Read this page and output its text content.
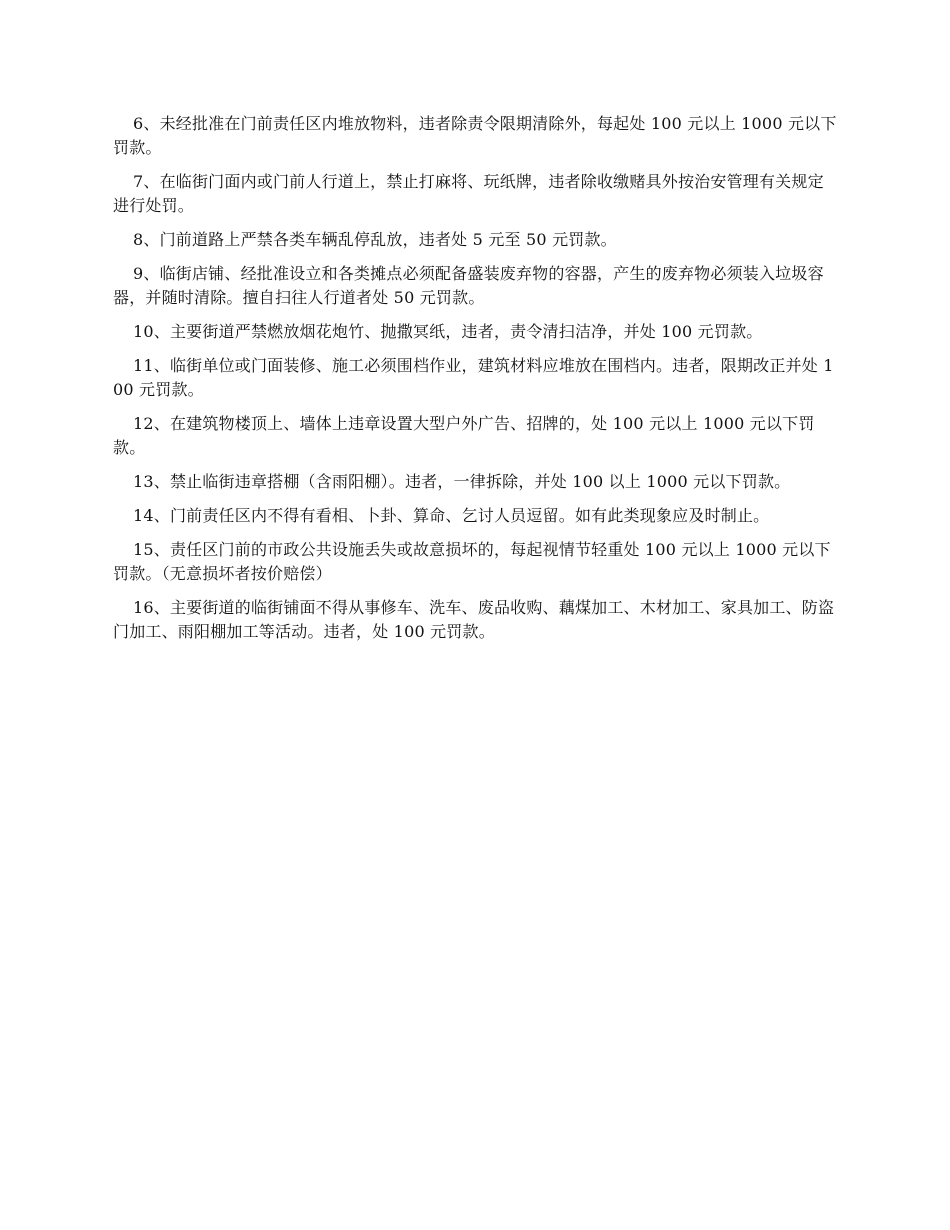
6、未经批准在门前责任区内堆放物料，违者除责令限期清除外，每起处 100 元以上 1000 元以下罚款。

7、在临街门面内或门前人行道上，禁止打麻将、玩纸牌，违者除收缴赌具外按治安管理有关规定进行处罚。

8、门前道路上严禁各类车辆乱停乱放，违者处 5 元至 50 元罚款。

9、临街店铺、经批准设立和各类摊点必须配备盛装废弃物的容器，产生的废弃物必须装入垃圾容器，并随时清除。擅自扫往人行道者处 50 元罚款。

10、主要街道严禁燃放烟花炮竹、抛撒冥纸，违者，责令清扫洁净，并处 100 元罚款。

11、临街单位或门面装修、施工必须围档作业，建筑材料应堆放在围档内。违者，限期改正并处 100 元罚款。

12、在建筑物楼顶上、墙体上违章设置大型户外广告、招牌的，处 100 元以上 1000 元以下罚款。

13、禁止临街违章搭棚（含雨阳棚）。违者，一律拆除，并处 100 以上 1000 元以下罚款。

14、门前责任区内不得有看相、卜卦、算命、乞讨人员逗留。如有此类现象应及时制止。

15、责任区门前的市政公共设施丢失或故意损坏的，每起视情节轻重处 100 元以上 1000 元以下罚款。（无意损坏者按价赔偿）

16、主要街道的临街铺面不得从事修车、洗车、废品收购、藕煤加工、木材加工、家具加工、防盗门加工、雨阳棚加工等活动。违者，处 100 元罚款。
